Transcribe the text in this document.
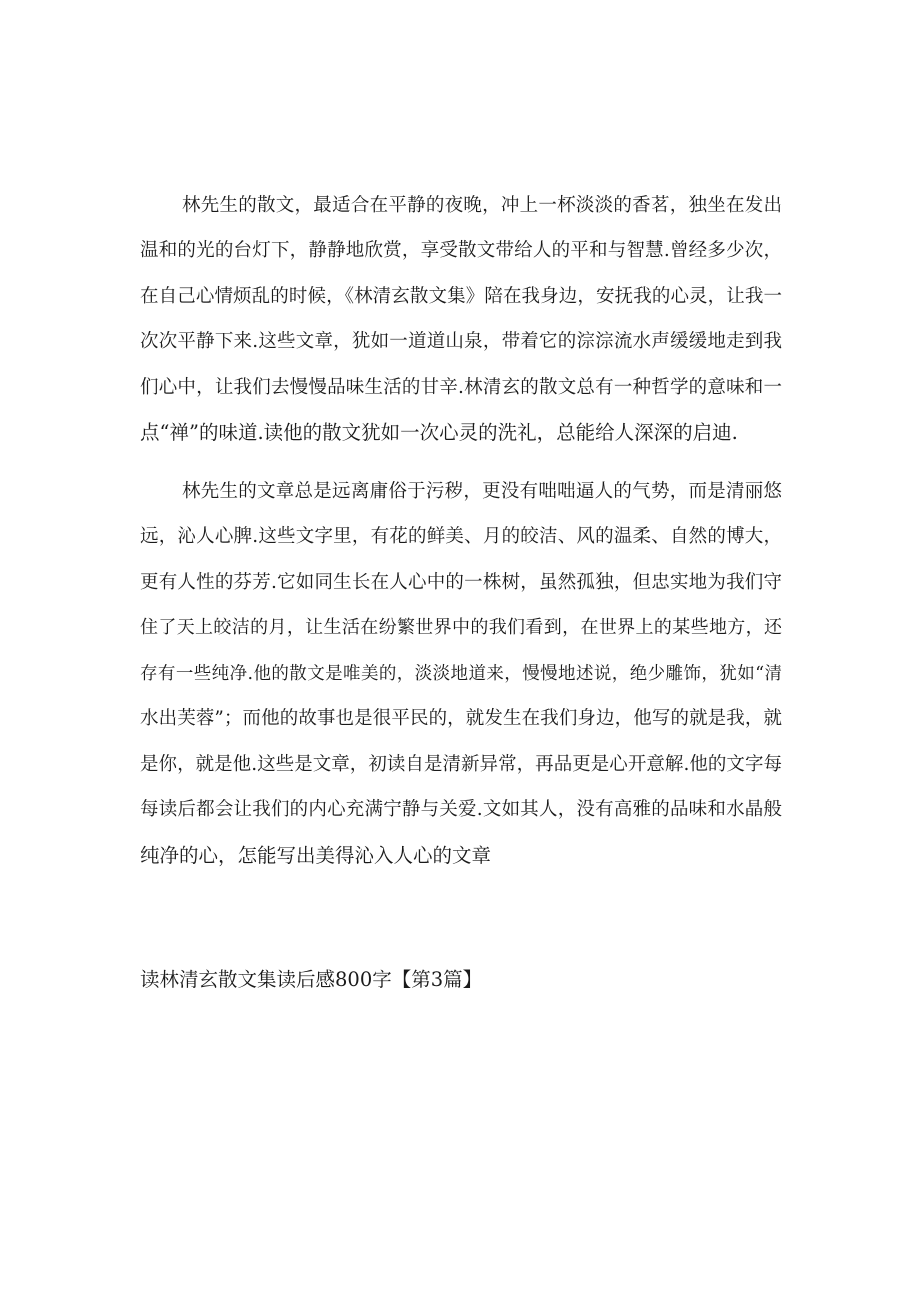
林先生的散文，最适合在平静的夜晚，冲上一杯淡淡的香茗，独坐在发出
温和的光的台灯下，静静地欣赏，享受散文带给人的平和与智慧.曾经多少次，
在自己心情烦乱的时候，《林清玄散文集》陪在我身边，安抚我的心灵，让我一
次次平静下来.这些文章，犹如一道道山泉，带着它的淙淙流水声缓缓地走到我
们心中，让我们去慢慢品味生活的甘辛.林清玄的散文总有一种哲学的意味和一
点“禅”的味道.读他的散文犹如一次心灵的洗礼，总能给人深深的启迪.
林先生的文章总是远离庸俗于污秽，更没有咄咄逼人的气势，而是清丽悠
远，沁人心脾.这些文字里，有花的鲜美、月的皎洁、风的温柔、自然的博大，
更有人性的芬芳.它如同生长在人心中的一株树，虽然孤独，但忠实地为我们守
住了天上皎洁的月，让生活在纷繁世界中的我们看到，在世界上的某些地方，还
存有一些纯净.他的散文是唯美的，淡淡地道来，慢慢地述说，绝少雕饰，犹如“清
水出芙蓉”；而他的故事也是很平民的，就发生在我们身边，他写的就是我，就
是你，就是他.这些是文章，初读自是清新异常，再品更是心开意解.他的文字每
每读后都会让我们的内心充满宁静与关爱.文如其人，没有高雅的品味和水晶般
纯净的心，怎能写出美得沁入人心的文章
读林清玄散文集读后感800字【第3篇】
